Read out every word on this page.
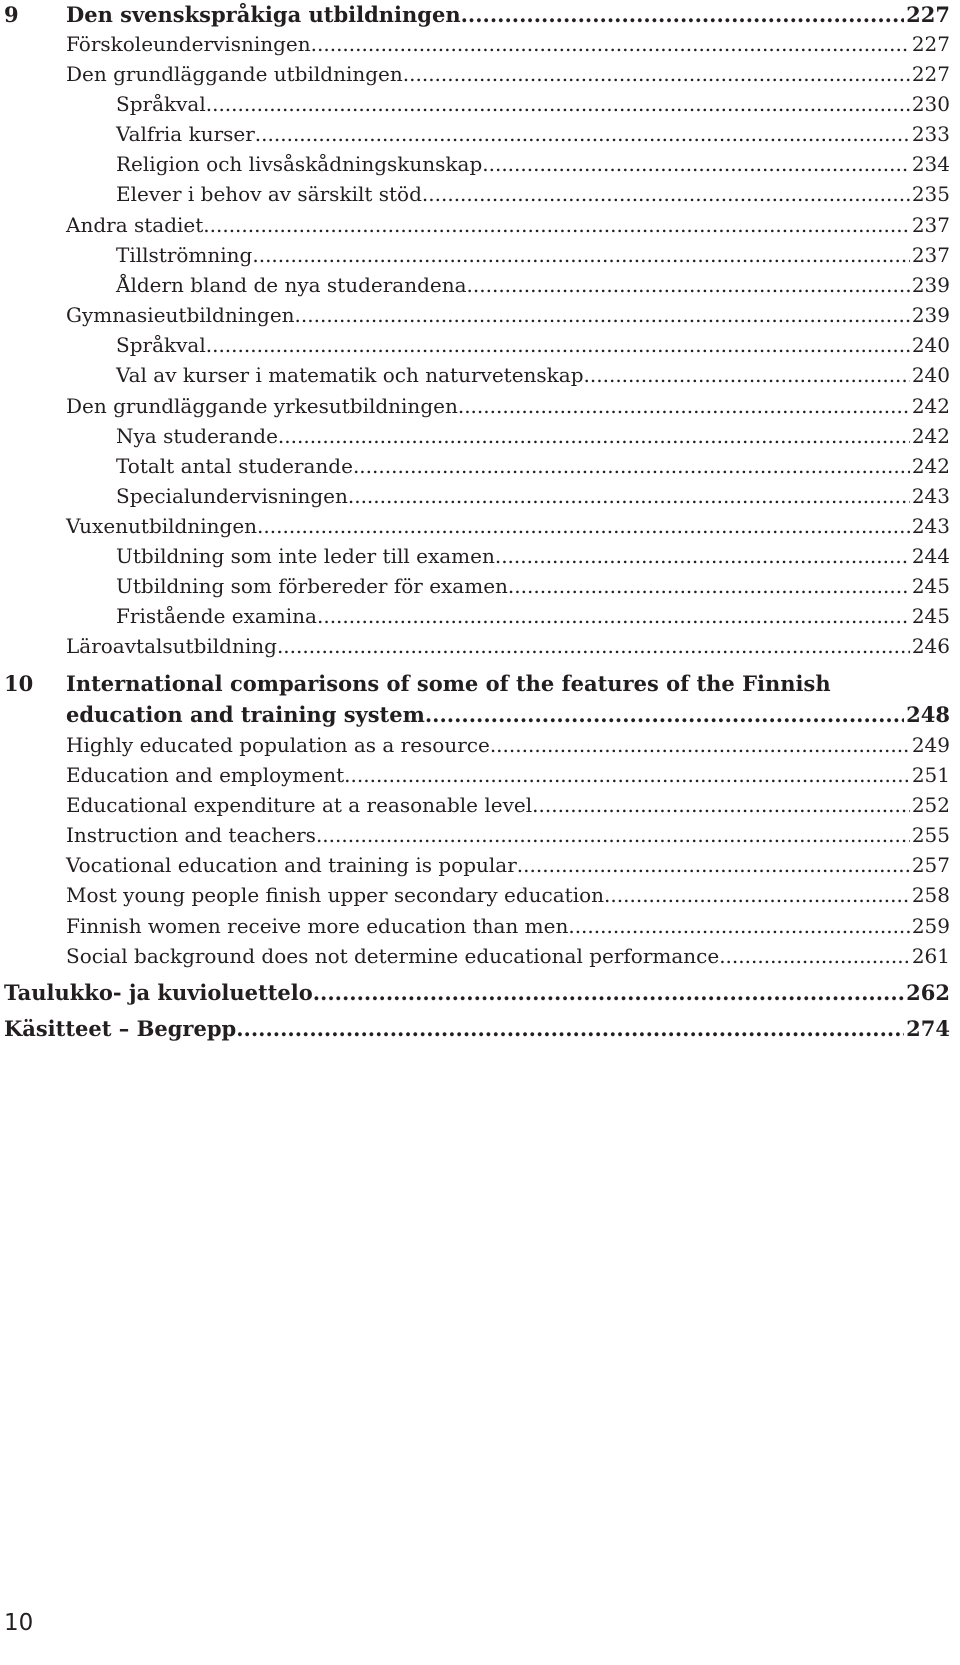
9 Den svenskspråkiga utbildningen .....	227
Förskoleundervisningen .....	227
Den grundläggande utbildningen .....	227
Språkval .....	230
Valfria kurser .....	233
Religion och livsåskådningskunskap .....	234
Elever i behov av särskilt stöd .....	235
Andra stadiet .....	237
Tillströmning .....	237
Åldern bland de nya studerandena .....	239
Gymnasieutbildningen .....	239
Språkval .....	240
Val av kurser i matematik och naturvetenskap .....	240
Den grundläggande yrkesutbildningen .....	242
Nya studerande .....	242
Totalt antal studerande .....	242
Specialundervisningen .....	243
Vuxenutbildningen .....	243
Utbildning som inte leder till examen .....	244
Utbildning som förbereder för examen .....	245
Fristående examina .....	245
Läroavtalsutbildning .....	246
10 International comparisons of some of the features of the Finnish
education and training system .....	248
Highly educated population as a resource .....	249
Education and employment .....	251
Educational expenditure at a reasonable level .....	252
Instruction and teachers .....	255
Vocational education and training is popular .....	257
Most young people finish upper secondary education .....	258
Finnish women receive more education than men .....	259
Social background does not determine educational performance .....	261
Taulukko- ja kuvioluettelo .....	262
Käsitteet – Begrepp .....	274
10
